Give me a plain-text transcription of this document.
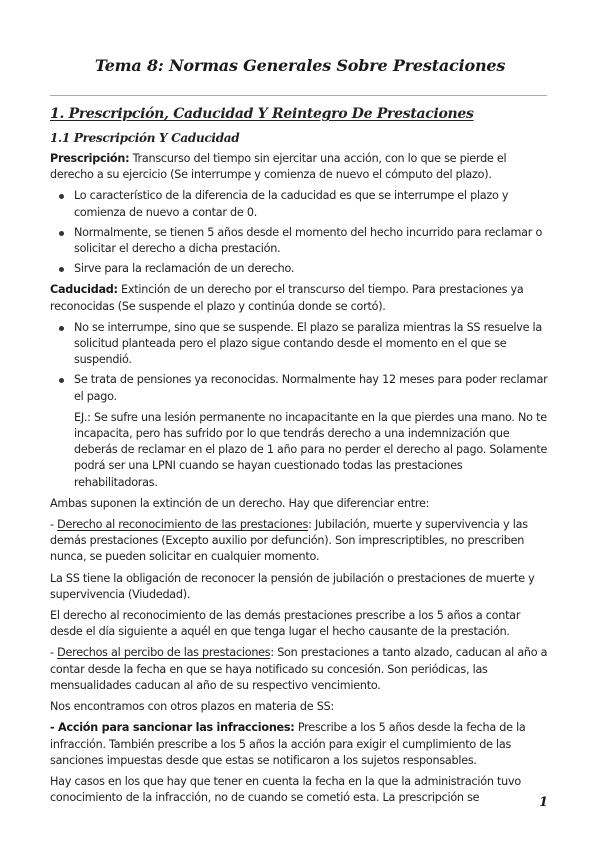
Tema 8: Normas Generales Sobre Prestaciones
1. Prescripción, Caducidad Y Reintegro De Prestaciones
1.1 Prescripción Y Caducidad

Prescripción: Transcurso del tiempo sin ejercitar una acción, con lo que se pierde el derecho a su ejercicio (Se interrumpe y comienza de nuevo el cómputo del plazo).

Lo característico de la diferencia de la caducidad es que se interrumpe el plazo y comienza de nuevo a contar de 0.
Normalmente, se tienen 5 años desde el momento del hecho incurrido para reclamar o solicitar el derecho a dicha prestación.
Sirve para la reclamación de un derecho.

Caducidad: Extinción de un derecho por el transcurso del tiempo. Para prestaciones ya reconocidas (Se suspende el plazo y continúa donde se cortó).

No se interrumpe, sino que se suspende. El plazo se paraliza mientras la SS resuelve la solicitud planteada pero el plazo sigue contando desde el momento en el que se suspendió.
Se trata de pensiones ya reconocidas. Normalmente hay 12 meses para poder reclamar el pago.

EJ.: Se sufre una lesión permanente no incapacitante en la que pierdes una mano. No te incapacita, pero has sufrido por lo que tendrás derecho a una indemnización que deberás de reclamar en el plazo de 1 año para no perder el derecho al pago. Solamente podrá ser una LPNI cuando se hayan cuestionado todas las prestaciones rehabilitadoras.

Ambas suponen la extinción de un derecho. Hay que diferenciar entre:

- Derecho al reconocimiento de las prestaciones: Jubilación, muerte y supervivencia y las demás prestaciones (Excepto auxilio por defunción). Son imprescriptibles, no prescriben nunca, se pueden solicitar en cualquier momento.

La SS tiene la obligación de reconocer la pensión de jubilación o prestaciones de muerte y supervivencia (Viudedad).

El derecho al reconocimiento de las demás prestaciones prescribe a los 5 años a contar desde el día siguiente a aquél en que tenga lugar el hecho causante de la prestación.

- Derechos al percibo de las prestaciones: Son prestaciones a tanto alzado, caducan al año a contar desde la fecha en que se haya notificado su concesión. Son periódicas, las mensualidades caducan al año de su respectivo vencimiento.

Nos encontramos con otros plazos en materia de SS:

- Acción para sancionar las infracciones: Prescribe a los 5 años desde la fecha de la infracción. También prescribe a los 5 años la acción para exigir el cumplimiento de las sanciones impuestas desde que estas se notificaron a los sujetos responsables.

Hay casos en los que hay que tener en cuenta la fecha en la que la administración tuvo conocimiento de la infracción, no de cuando se cometió esta. La prescripción se	1
